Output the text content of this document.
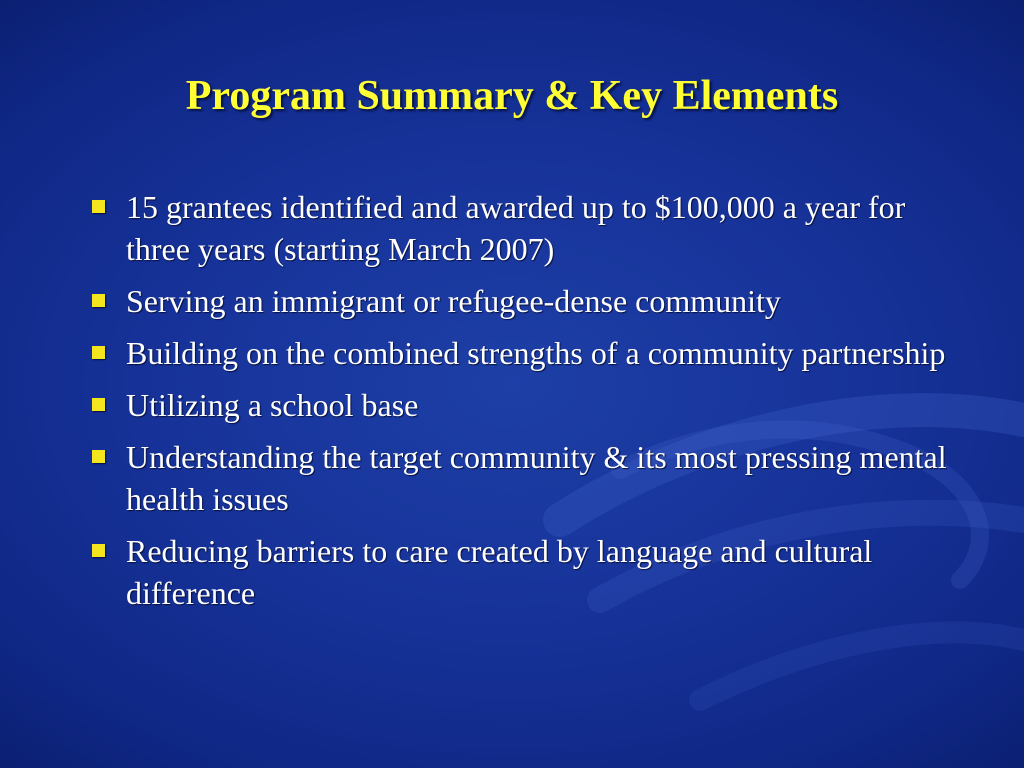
Program Summary & Key Elements
15 grantees identified and awarded up to $100,000 a year for three years (starting March 2007)
Serving an immigrant or refugee-dense community
Building on the combined strengths of a community partnership
Utilizing a school base
Understanding the target community & its most pressing mental health issues
Reducing barriers to care created by language and cultural difference
